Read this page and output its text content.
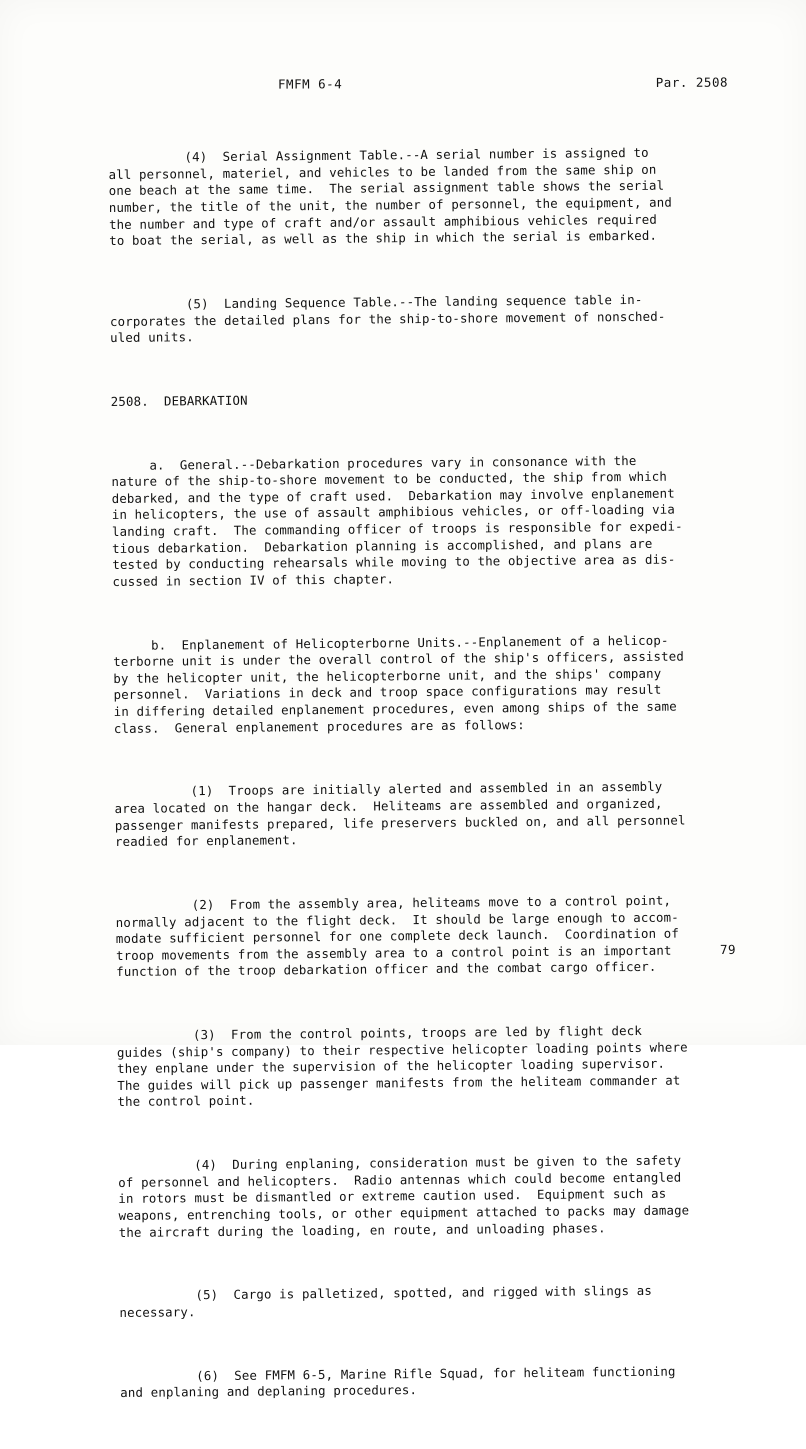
FMFM 6-4	Par. 2508

(4)  Serial Assignment Table.--A serial number is assigned to
all personnel, materiel, and vehicles to be landed from the same ship on
one beach at the same time.  The serial assignment table shows the serial
number, the title of the unit, the number of personnel, the equipment, and
the number and type of craft and/or assault amphibious vehicles required
to boat the serial, as well as the ship in which the serial is embarked.

(5)  Landing Sequence Table.--The landing sequence table in-
corporates the detailed plans for the ship-to-shore movement of nonsched-
uled units.

2508.  DEBARKATION

a.  General.--Debarkation procedures vary in consonance with the
nature of the ship-to-shore movement to be conducted, the ship from which
debarked, and the type of craft used.  Debarkation may involve enplanement
in helicopters, the use of assault amphibious vehicles, or off-loading via
landing craft.  The commanding officer of troops is responsible for expedi-
tious debarkation.  Debarkation planning is accomplished, and plans are
tested by conducting rehearsals while moving to the objective area as dis-
cussed in section IV of this chapter.

b.  Enplanement of Helicopterborne Units.--Enplanement of a helicop-
terborne unit is under the overall control of the ship's officers, assisted
by the helicopter unit, the helicopterborne unit, and the ships' company
personnel.  Variations in deck and troop space configurations may result
in differing detailed enplanement procedures, even among ships of the same
class.  General enplanement procedures are as follows:

(1)  Troops are initially alerted and assembled in an assembly
area located on the hangar deck.  Heliteams are assembled and organized,
passenger manifests prepared, life preservers buckled on, and all personnel
readied for enplanement.

(2)  From the assembly area, heliteams move to a control point,
normally adjacent to the flight deck.  It should be large enough to accom-
modate sufficient personnel for one complete deck launch.  Coordination of
troop movements from the assembly area to a control point is an important
function of the troop debarkation officer and the combat cargo officer.

(3)  From the control points, troops are led by flight deck
guides (ship's company) to their respective helicopter loading points where
they enplane under the supervision of the helicopter loading supervisor.
The guides will pick up passenger manifests from the heliteam commander at
the control point.

(4)  During enplaning, consideration must be given to the safety
of personnel and helicopters.  Radio antennas which could become entangled
in rotors must be dismantled or extreme caution used.  Equipment such as
weapons, entrenching tools, or other equipment attached to packs may damage
the aircraft during the loading, en route, and unloading phases.

(5)  Cargo is palletized, spotted, and rigged with slings as
necessary.

(6)  See FMFM 6-5, Marine Rifle Squad, for heliteam functioning
and enplaning and deplaning procedures.

79
